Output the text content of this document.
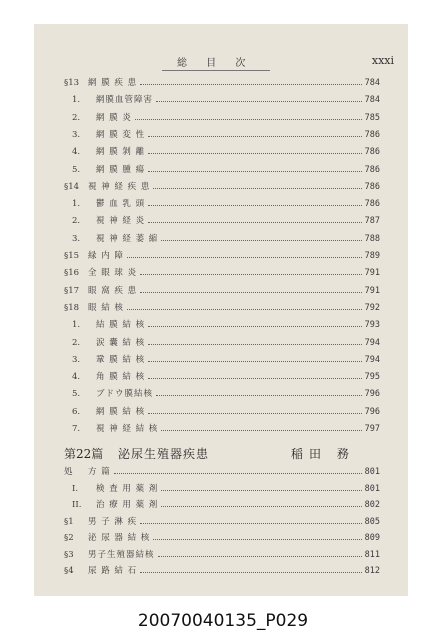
総 目 次	xxxi
§13 網 膜 疾 患	784
1. 網膜血管障害	784
2. 網 膜 炎	785
3. 網 膜 変 性	786
4. 網 膜 剝 離	786
5. 網 膜 腫 瘍	786
§14 視 神 経 疾 患	786
1. 鬱 血 乳 頭	786
2. 視 神 経 炎	787
3. 視 神 経 萎 縮	788
§15 緑 内 障	789
§16 全 眼 球 炎	791
§17 眼 窩 疾 患	791
§18 眼 結 核	792
1. 結 膜 結 核	793
2. 涙 囊 結 核	794
3. 鞏 膜 結 核	794
4. 角 膜 結 核	795
5. ブドウ膜結核	796
6. 網 膜 結 核	796
7. 視 神 経 結 核	797
第22篇 泌尿生殖器疾患	稲田 務
処 方 篇	801
I. 検 査 用 薬 剤	801
II. 治 療 用 薬 剤	802
§1 男 子 淋 疾	805
§2 泌 尿 器 結 核	809
§3 男子生殖器結核	811
§4 尿 路 結 石	812
20070040135_P029
